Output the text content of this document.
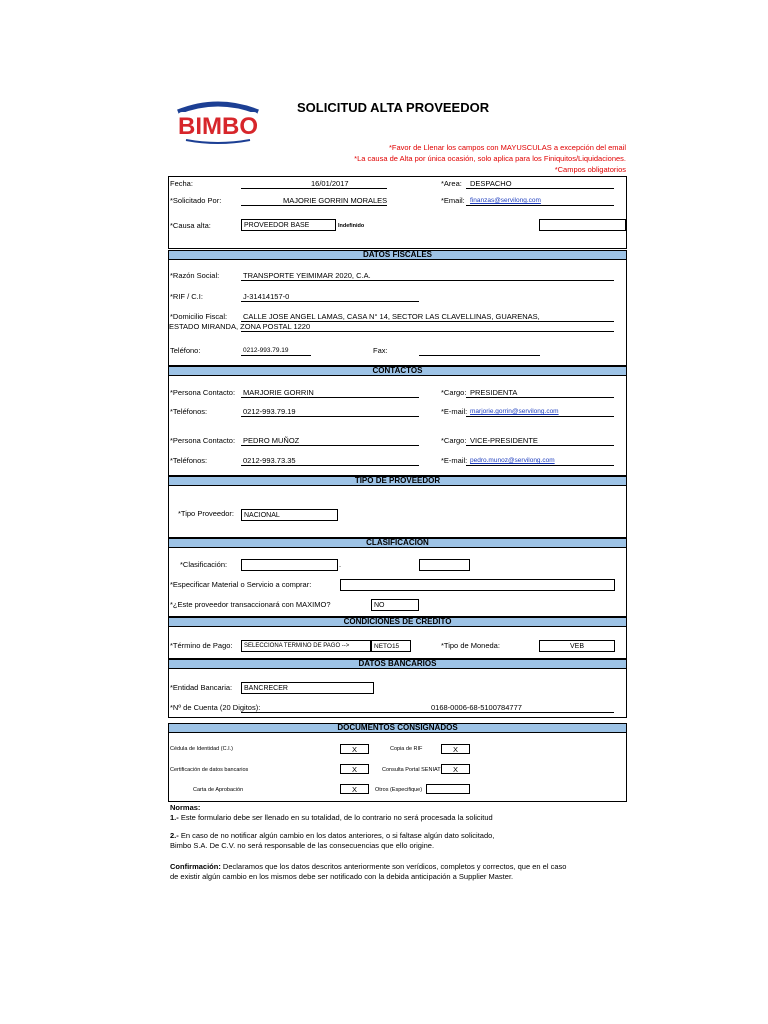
BIMBO
SOLICITUD ALTA PROVEEDOR
*Favor de Llenar los campos con MAYUSCULAS a excepción del email
*La causa de Alta por única ocasión, solo aplica para los Finiquitos/Liquidaciones.
*Campos obligatorios
Fecha:	16/01/2017	*Area: DESPACHO
*Solicitado Por:	MAJORIE GORRIN MORALES	*Email: finanzas@servilong.com
*Causa alta:	PROVEEDOR BASE	Indefinido
DATOS FISCALES
*Razón Social:	TRANSPORTE YEIMIMAR 2020, C.A.
*RIF / C.I:	J-31414157-0
*Domicilio Fiscal: CALLE JOSE ANGEL LAMAS, CASA N° 14, SECTOR LAS CLAVELLINAS, GUARENAS,
ESTADO MIRANDA, ZONA POSTAL 1220
Teléfono:	0212-993.79.19	Fax:
CONTACTOS
*Persona Contacto: MARJORIE GORRIN	*Cargo: PRESIDENTA
*Teléfonos:	0212-993.79.19	*E-mail: marjorie.gorrin@servilong.com
*Persona Contacto: PEDRO MUÑOZ	*Cargo: VICE-PRESIDENTE
*Teléfonos:	0212-993.73.35	*E-mail: pedro.munoz@servilong.com
TIPO DE PROVEEDOR
*Tipo Proveedor:	NACIONAL
CLASIFICACION
*Clasificación:	.
*Especificar Material o Servicio a comprar:
*¿Este proveedor transaccionará con MAXIMO?	NO
CONDICIONES DE CREDITO
*Término de Pago:	SELECCIONA TERMINO DE PAGO -->	NETO15	*Tipo de Moneda:	VEB
DATOS BANCARIOS
*Entidad Bancaria:	BANCRECER
*Nº de Cuenta (20 Digitos):	0168-0006-68-5100784777
DOCUMENTOS CONSIGNADOS
Cédula de Identidad (C.I.)	X	Copia de RIF	X
Certificación de datos bancarios	X	Consulta Portal SENIAT	X
Carta de Aprobación	X	Otros (Especifique)
Normas:
1.- Este formulario debe ser llenado en su totalidad, de lo contrario no será procesada la solicitud
2.- En caso de no notificar algún cambio en los datos anteriores, o si faltase algún dato solicitado,
Bimbo S.A. De C.V. no será responsable de las consecuencias que ello origine.
Confirmación: Declaramos que los datos descritos anteriormente son verídicos, completos y correctos, que en el caso
de existir algún cambio en los mismos debe ser notificado con la debida anticipación a Supplier Master.
